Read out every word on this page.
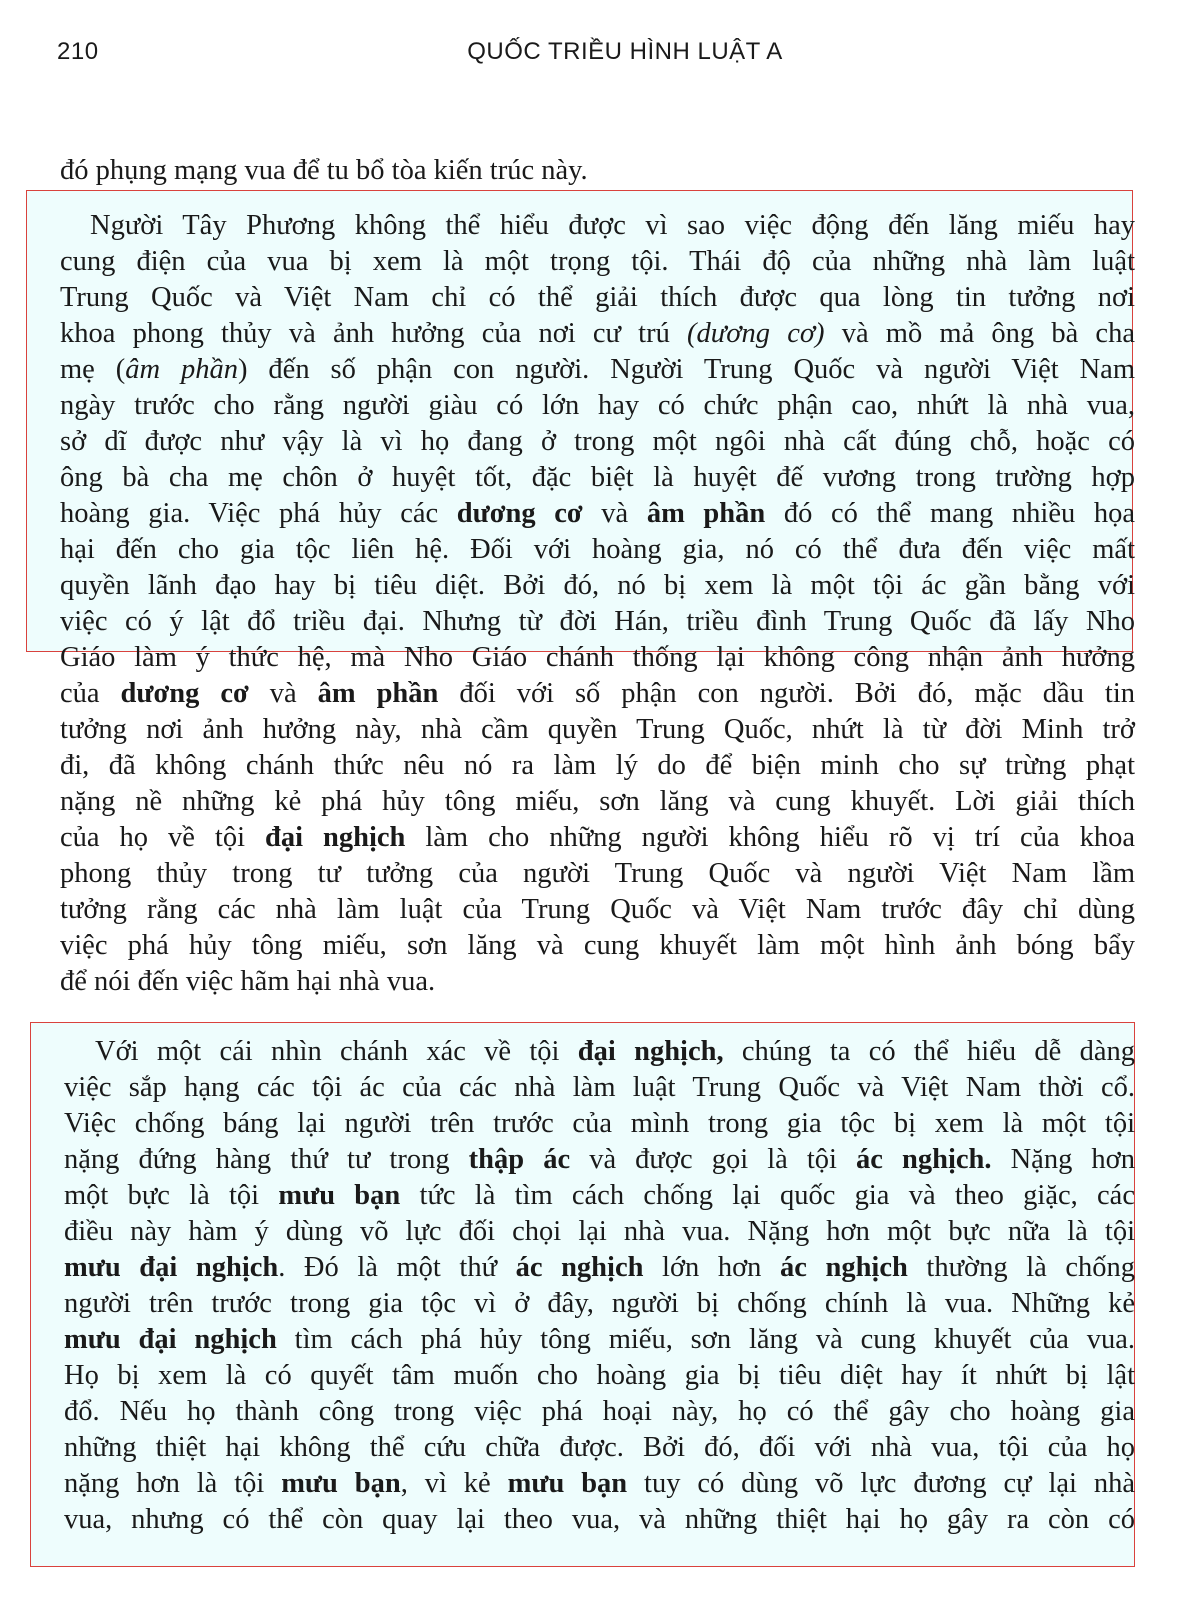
210	QUỐC TRIỀU HÌNH LUẬT A
đó phụng mạng vua để tu bổ tòa kiến trúc này.
Người Tây Phương không thể hiểu được vì sao việc động đến lăng miếu hay
cung điện của vua bị xem là một trọng tội. Thái độ của những nhà làm luật
Trung Quốc và Việt Nam chỉ có thể giải thích được qua lòng tin tưởng nơi
khoa phong thủy và ảnh hưởng của nơi cư trú (dương cơ) và mồ mả ông bà cha
mẹ (âm phần) đến số phận con người. Người Trung Quốc và người Việt Nam
ngày trước cho rằng người giàu có lớn hay có chức phận cao, nhứt là nhà vua,
sở dĩ được như vậy là vì họ đang ở trong một ngôi nhà cất đúng chỗ, hoặc có
ông bà cha mẹ chôn ở huyệt tốt, đặc biệt là huyệt đế vương trong trường hợp
hoàng gia. Việc phá hủy các dương cơ và âm phần đó có thể mang nhiều họa
hại đến cho gia tộc liên hệ. Đối với hoàng gia, nó có thể đưa đến việc mất
quyền lãnh đạo hay bị tiêu diệt. Bởi đó, nó bị xem là một tội ác gần bằng với
việc có ý lật đổ triều đại. Nhưng từ đời Hán, triều đình Trung Quốc đã lấy Nho
Giáo làm ý thức hệ, mà Nho Giáo chánh thống lại không công nhận ảnh hưởng
của dương cơ và âm phần đối với số phận con người. Bởi đó, mặc dầu tin
tưởng nơi ảnh hưởng này, nhà cầm quyền Trung Quốc, nhứt là từ đời Minh trở
đi, đã không chánh thức nêu nó ra làm lý do để biện minh cho sự trừng phạt
nặng nề những kẻ phá hủy tông miếu, sơn lăng và cung khuyết. Lời giải thích
của họ về tội đại nghịch làm cho những người không hiểu rõ vị trí của khoa
phong thủy trong tư tưởng của người Trung Quốc và người Việt Nam lầm
tưởng rằng các nhà làm luật của Trung Quốc và Việt Nam trước đây chỉ dùng
việc phá hủy tông miếu, sơn lăng và cung khuyết làm một hình ảnh bóng bẩy
để nói đến việc hãm hại nhà vua.
Với một cái nhìn chánh xác về tội đại nghịch, chúng ta có thể hiểu dễ dàng
việc sắp hạng các tội ác của các nhà làm luật Trung Quốc và Việt Nam thời cổ.
Việc chống báng lại người trên trước của mình trong gia tộc bị xem là một tội
nặng đứng hàng thứ tư trong thập ác và được gọi là tội ác nghịch. Nặng hơn
một bực là tội mưu bạn tức là tìm cách chống lại quốc gia và theo giặc, các
điều này hàm ý dùng võ lực đối chọi lại nhà vua. Nặng hơn một bực nữa là tội
mưu đại nghịch. Đó là một thứ ác nghịch lớn hơn ác nghịch thường là chống
người trên trước trong gia tộc vì ở đây, người bị chống chính là vua. Những kẻ
mưu đại nghịch tìm cách phá hủy tông miếu, sơn lăng và cung khuyết của vua.
Họ bị xem là có quyết tâm muốn cho hoàng gia bị tiêu diệt hay ít nhứt bị lật
đổ. Nếu họ thành công trong việc phá hoại này, họ có thể gây cho hoàng gia
những thiệt hại không thể cứu chữa được. Bởi đó, đối với nhà vua, tội của họ
nặng hơn là tội mưu bạn, vì kẻ mưu bạn tuy có dùng võ lực đương cự lại nhà
vua, nhưng có thể còn quay lại theo vua, và những thiệt hại họ gây ra còn có
